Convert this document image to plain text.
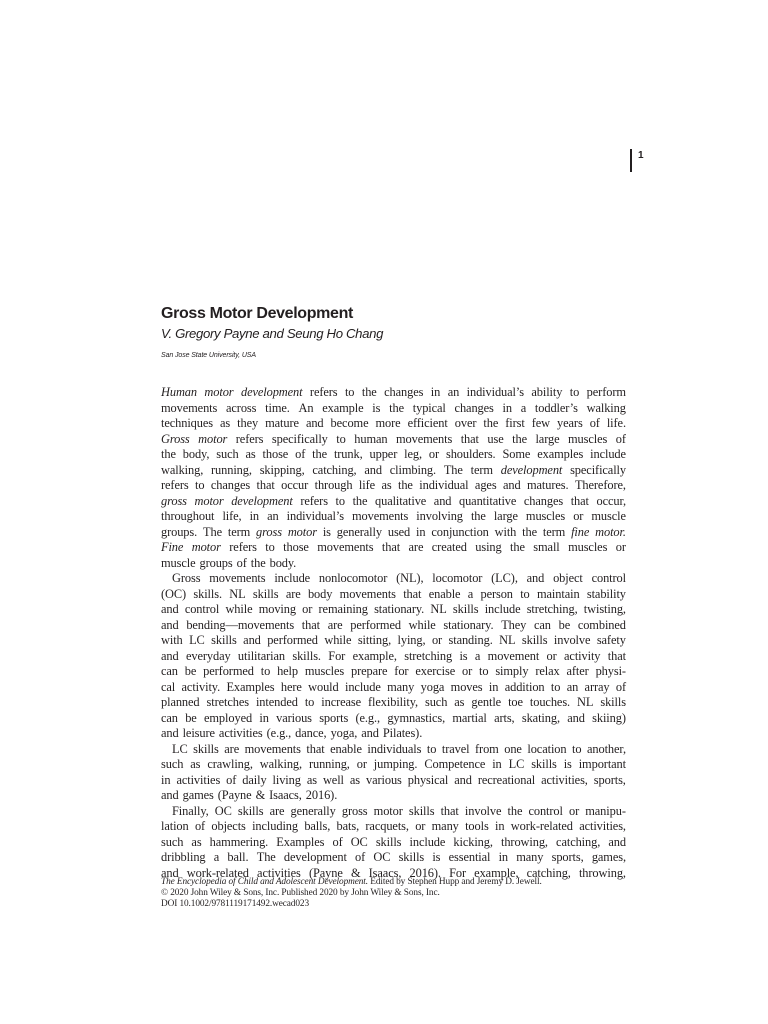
1
Gross Motor Development
V. Gregory Payne and Seung Ho Chang
San Jose State University, USA
Human motor development refers to the changes in an individual’s ability to perform
movements across time. An example is the typical changes in a toddler’s walking
techniques as they mature and become more efficient over the first few years of life.
Gross motor refers specifically to human movements that use the large muscles of
the body, such as those of the trunk, upper leg, or shoulders. Some examples include
walking, running, skipping, catching, and climbing. The term development specifically
refers to changes that occur through life as the individual ages and matures. Therefore,
gross motor development refers to the qualitative and quantitative changes that occur,
throughout life, in an individual’s movements involving the large muscles or muscle
groups. The term gross motor is generally used in conjunction with the term fine motor.
Fine motor refers to those movements that are created using the small muscles or
muscle groups of the body.
Gross movements include nonlocomotor (NL), locomotor (LC), and object control
(OC) skills. NL skills are body movements that enable a person to maintain stability
and control while moving or remaining stationary. NL skills include stretching, twisting,
and bending—movements that are performed while stationary. They can be combined
with LC skills and performed while sitting, lying, or standing. NL skills involve safety
and everyday utilitarian skills. For example, stretching is a movement or activity that
can be performed to help muscles prepare for exercise or to simply relax after physi-
cal activity. Examples here would include many yoga moves in addition to an array of
planned stretches intended to increase flexibility, such as gentle toe touches. NL skills
can be employed in various sports (e.g., gymnastics, martial arts, skating, and skiing)
and leisure activities (e.g., dance, yoga, and Pilates).
LC skills are movements that enable individuals to travel from one location to another,
such as crawling, walking, running, or jumping. Competence in LC skills is important
in activities of daily living as well as various physical and recreational activities, sports,
and games (Payne & Isaacs, 2016).
Finally, OC skills are generally gross motor skills that involve the control or manipu-
lation of objects including balls, bats, racquets, or many tools in work-related activities,
such as hammering. Examples of OC skills include kicking, throwing, catching, and
dribbling a ball. The development of OC skills is essential in many sports, games,
and work-related activities (Payne & Isaacs, 2016). For example, catching, throwing,
The Encyclopedia of Child and Adolescent Development. Edited by Stephen Hupp and Jeremy D. Jewell.
© 2020 John Wiley & Sons, Inc. Published 2020 by John Wiley & Sons, Inc.
DOI 10.1002/9781119171492.wecad023
